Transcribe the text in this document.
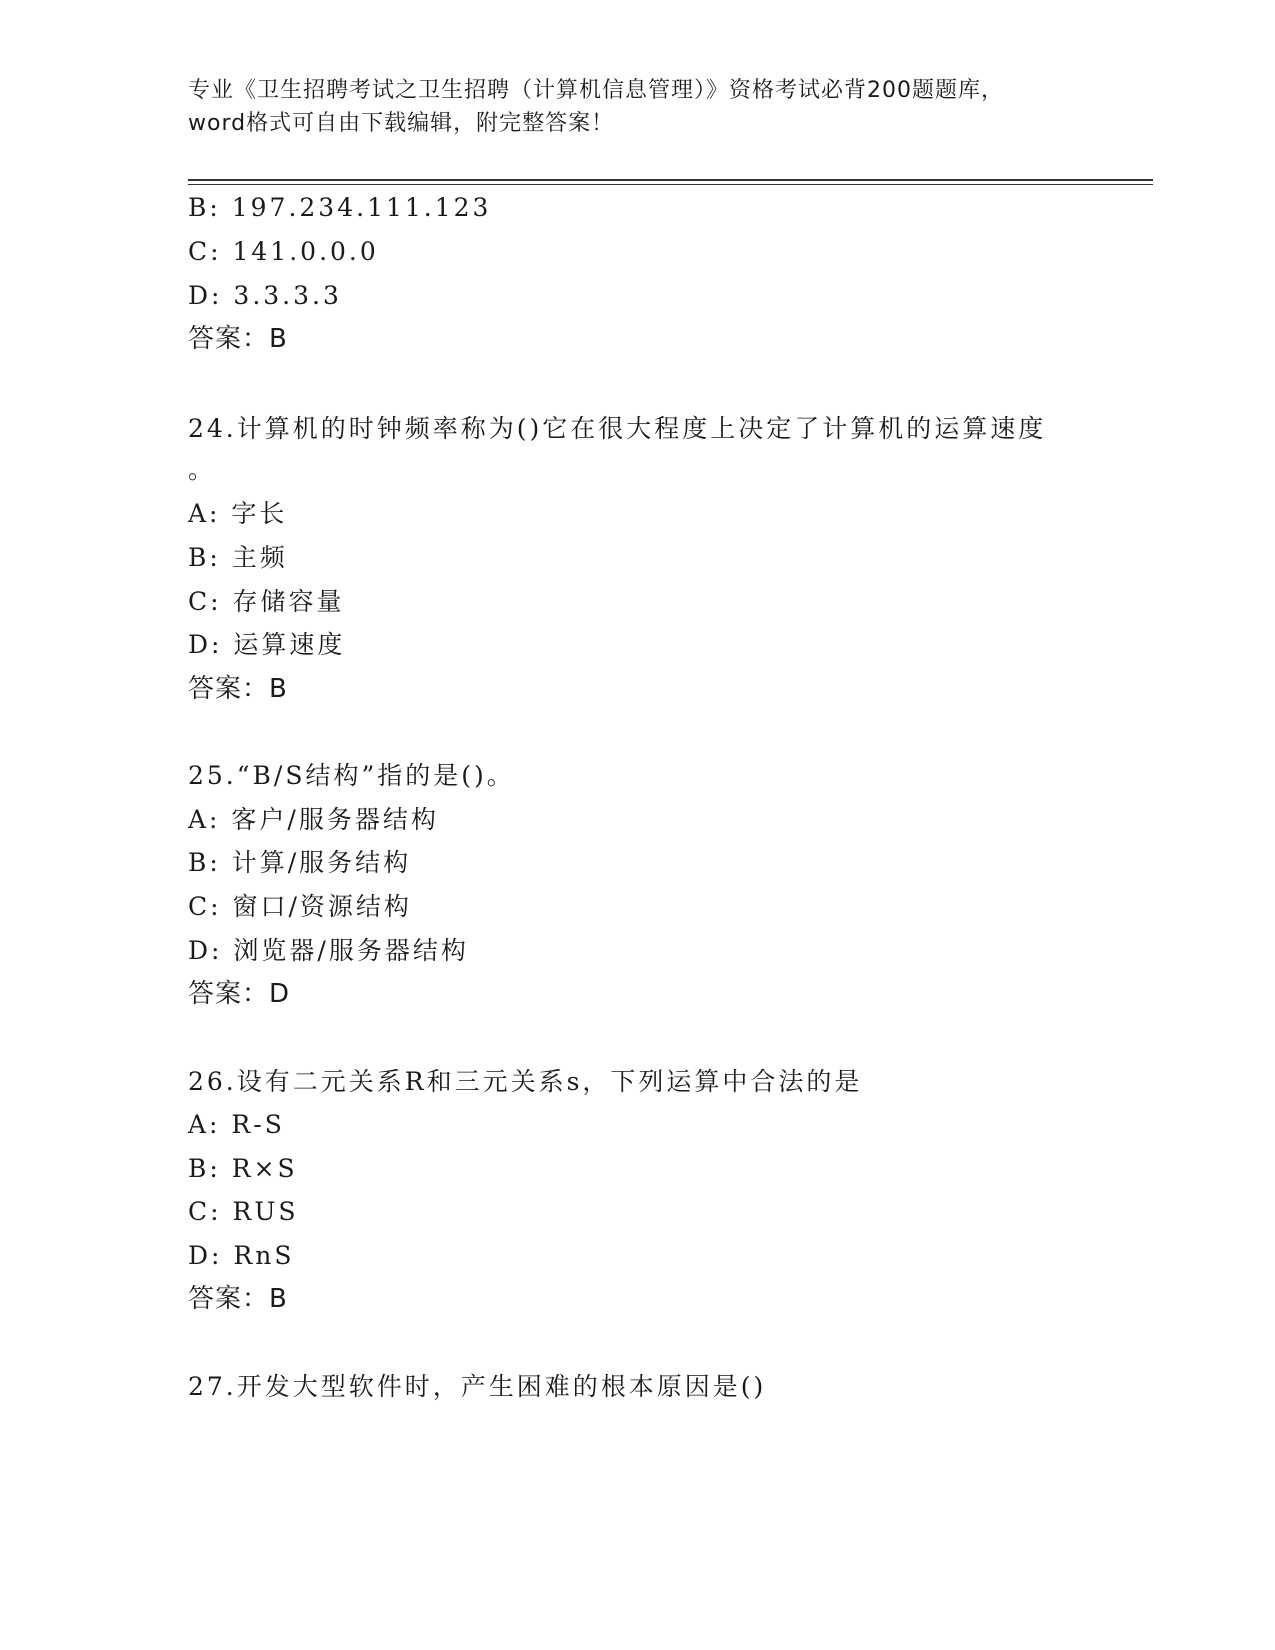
专业《卫生招聘考试之卫生招聘（计算机信息管理）》资格考试必背200题题库，
word格式可自由下载编辑，附完整答案！
B: 197.234.111.123
C: 141.0.0.0
D: 3.3.3.3
答案：B
24.计算机的时钟频率称为()它在很大程度上决定了计算机的运算速度
。
A: 字长
B: 主频
C: 存储容量
D: 运算速度
答案：B
25.“B/S结构”指的是()。
A: 客户/服务器结构
B: 计算/服务结构
C: 窗口/资源结构
D: 浏览器/服务器结构
答案：D
26.设有二元关系R和三元关系s，下列运算中合法的是
A: R-S
B: R×S
C: RUS
D: RnS
答案：B
27.开发大型软件时，产生困难的根本原因是()
